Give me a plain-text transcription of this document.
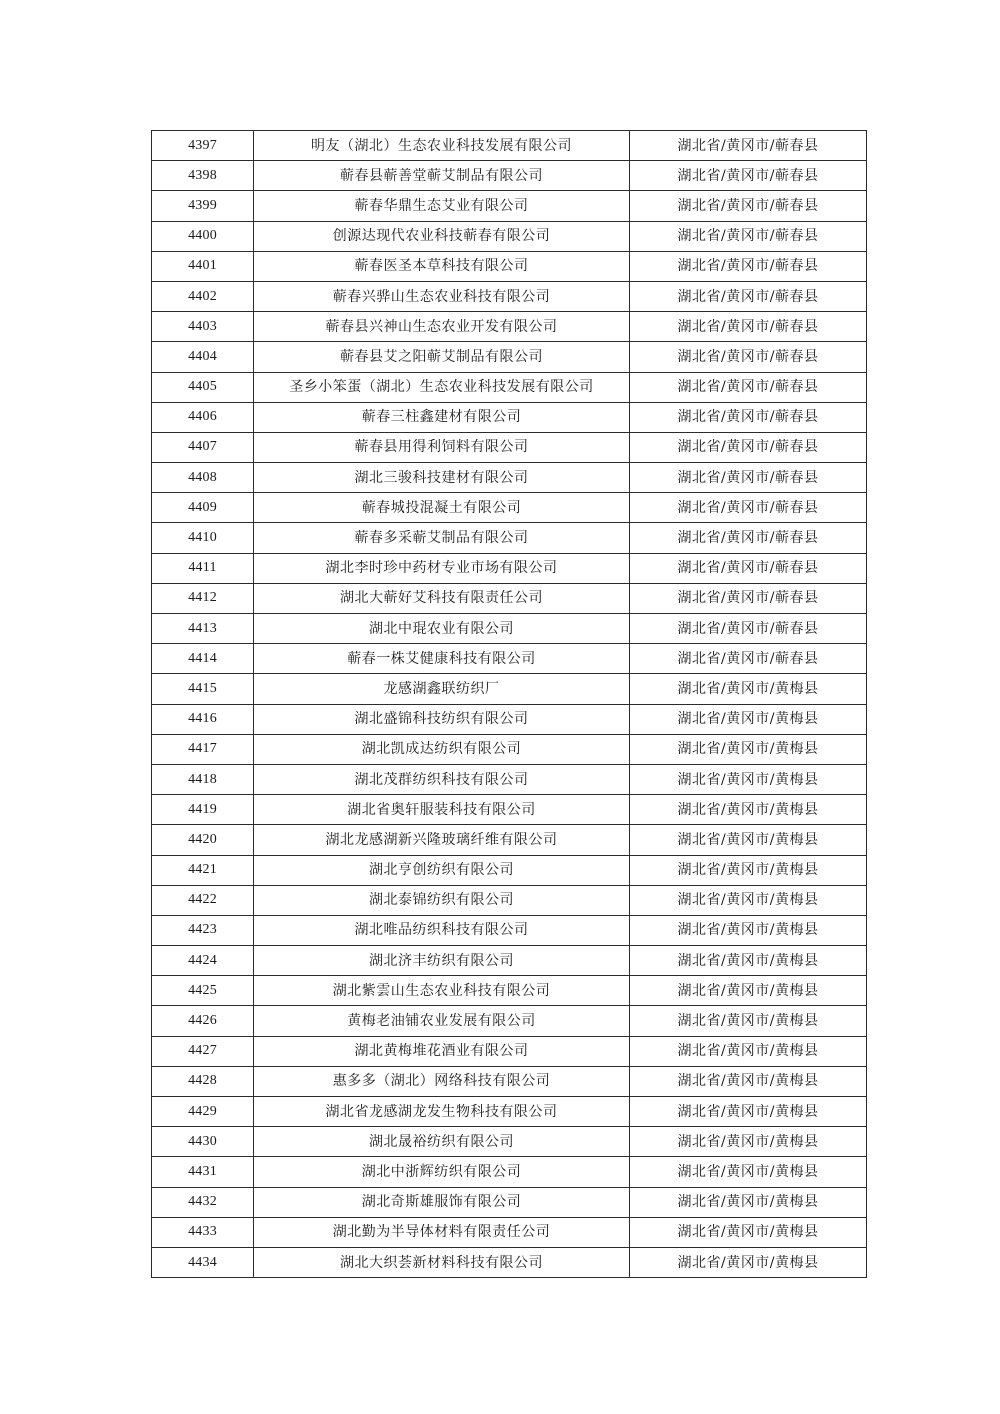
4397	明友（湖北）生态农业科技发展有限公司	湖北省/黄冈市/蕲春县
4398	蕲春县蕲善堂蕲艾制品有限公司	湖北省/黄冈市/蕲春县
4399	蕲春华鼎生态艾业有限公司	湖北省/黄冈市/蕲春县
4400	创源达现代农业科技蕲春有限公司	湖北省/黄冈市/蕲春县
4401	蕲春医圣本草科技有限公司	湖北省/黄冈市/蕲春县
4402	蕲春兴骅山生态农业科技有限公司	湖北省/黄冈市/蕲春县
4403	蕲春县兴神山生态农业开发有限公司	湖北省/黄冈市/蕲春县
4404	蕲春县艾之阳蕲艾制品有限公司	湖北省/黄冈市/蕲春县
4405	圣乡小笨蛋（湖北）生态农业科技发展有限公司	湖北省/黄冈市/蕲春县
4406	蕲春三柱鑫建材有限公司	湖北省/黄冈市/蕲春县
4407	蕲春县用得利饲料有限公司	湖北省/黄冈市/蕲春县
4408	湖北三骏科技建材有限公司	湖北省/黄冈市/蕲春县
4409	蕲春城投混凝土有限公司	湖北省/黄冈市/蕲春县
4410	蕲春多采蕲艾制品有限公司	湖北省/黄冈市/蕲春县
4411	湖北李时珍中药材专业市场有限公司	湖北省/黄冈市/蕲春县
4412	湖北大蕲好艾科技有限责任公司	湖北省/黄冈市/蕲春县
4413	湖北中琨农业有限公司	湖北省/黄冈市/蕲春县
4414	蕲春一株艾健康科技有限公司	湖北省/黄冈市/蕲春县
4415	龙感湖鑫联纺织厂	湖北省/黄冈市/黄梅县
4416	湖北盛锦科技纺织有限公司	湖北省/黄冈市/黄梅县
4417	湖北凯成达纺织有限公司	湖北省/黄冈市/黄梅县
4418	湖北茂群纺织科技有限公司	湖北省/黄冈市/黄梅县
4419	湖北省奥轩服装科技有限公司	湖北省/黄冈市/黄梅县
4420	湖北龙感湖新兴隆玻璃纤维有限公司	湖北省/黄冈市/黄梅县
4421	湖北亨创纺织有限公司	湖北省/黄冈市/黄梅县
4422	湖北泰锦纺织有限公司	湖北省/黄冈市/黄梅县
4423	湖北唯品纺织科技有限公司	湖北省/黄冈市/黄梅县
4424	湖北济丰纺织有限公司	湖北省/黄冈市/黄梅县
4425	湖北紫雲山生态农业科技有限公司	湖北省/黄冈市/黄梅县
4426	黄梅老油铺农业发展有限公司	湖北省/黄冈市/黄梅县
4427	湖北黄梅堆花酒业有限公司	湖北省/黄冈市/黄梅县
4428	惠多多（湖北）网络科技有限公司	湖北省/黄冈市/黄梅县
4429	湖北省龙感湖龙发生物科技有限公司	湖北省/黄冈市/黄梅县
4430	湖北晟裕纺织有限公司	湖北省/黄冈市/黄梅县
4431	湖北中浙辉纺织有限公司	湖北省/黄冈市/黄梅县
4432	湖北奇斯雄服饰有限公司	湖北省/黄冈市/黄梅县
4433	湖北勤为半导体材料有限责任公司	湖北省/黄冈市/黄梅县
4434	湖北大织荟新材料科技有限公司	湖北省/黄冈市/黄梅县
